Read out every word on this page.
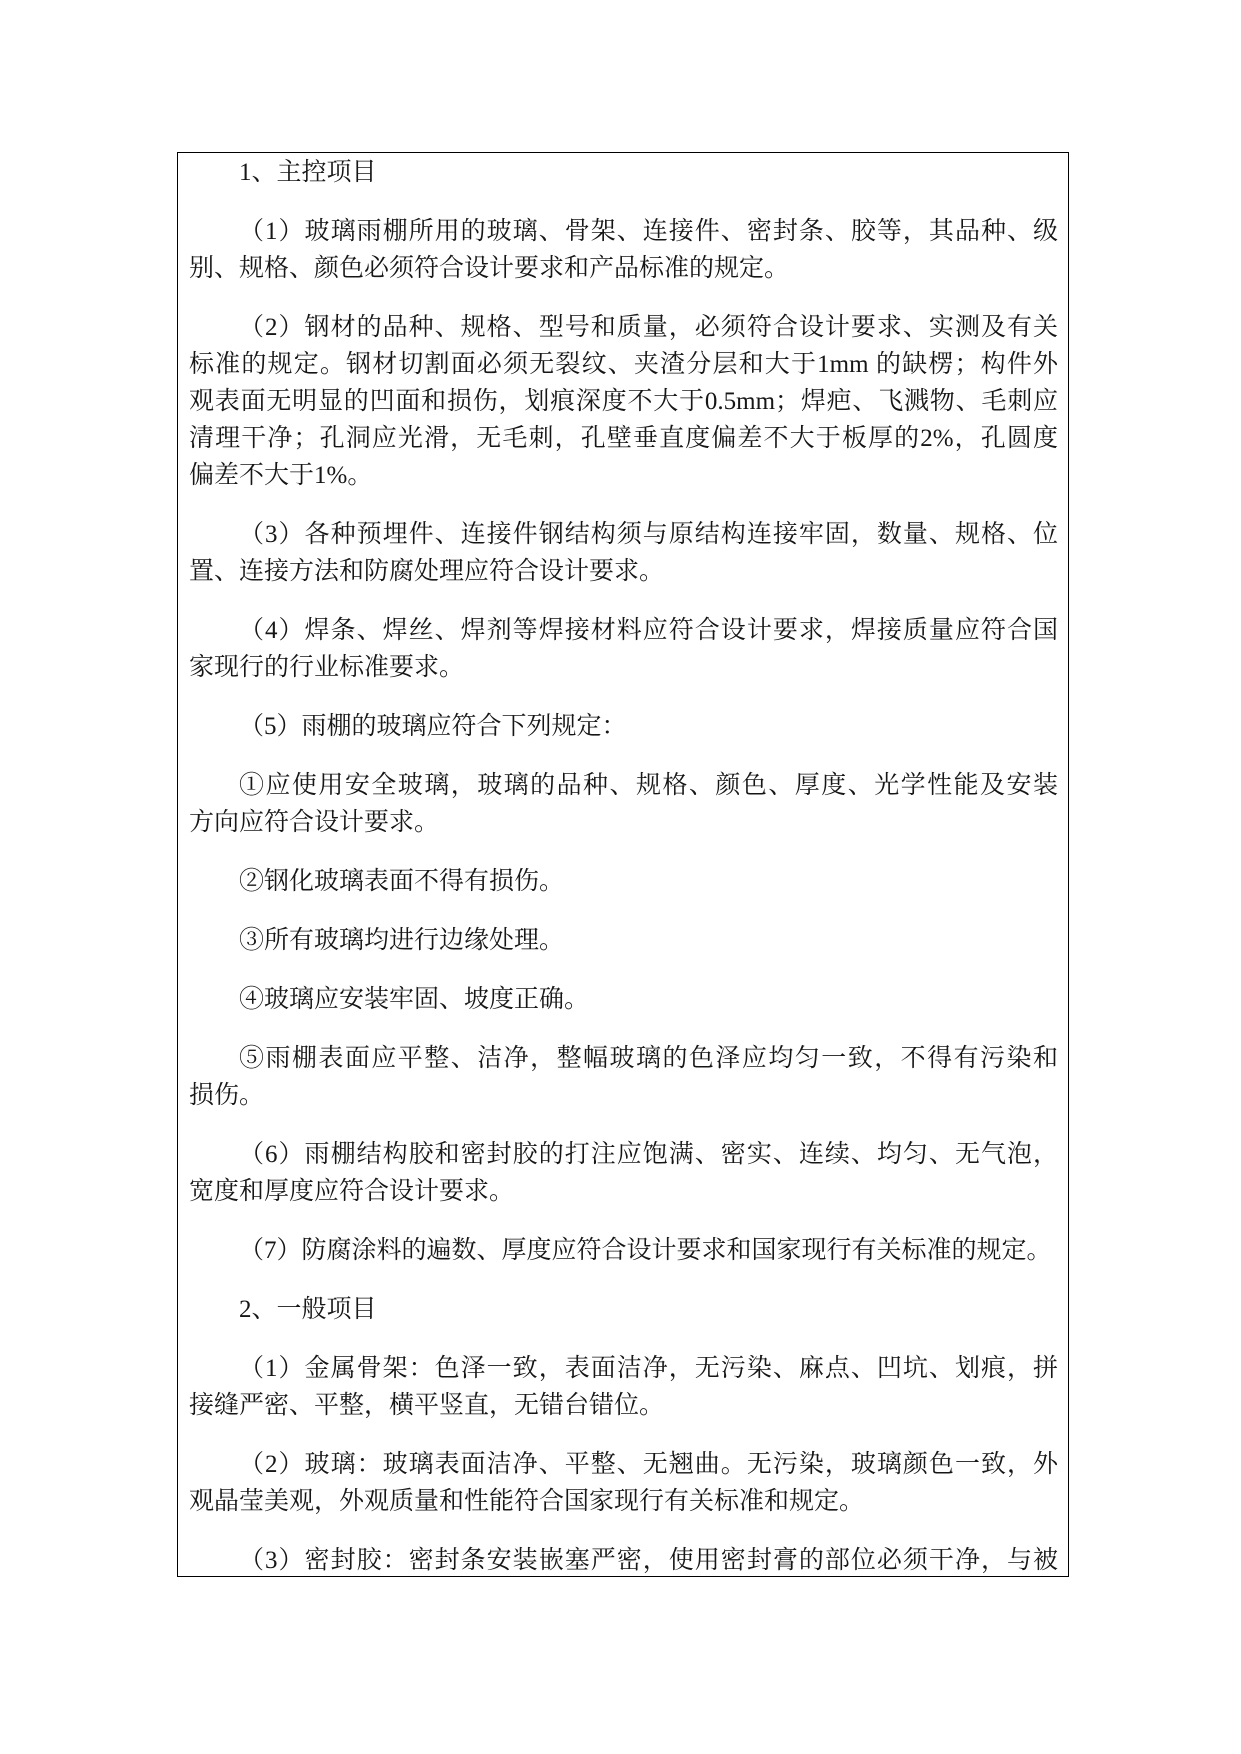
1、主控项目

（1）玻璃雨棚所用的玻璃、骨架、连接件、密封条、胶等，其品种、级
别、规格、颜色必须符合设计要求和产品标准的规定。

（2）钢材的品种、规格、型号和质量，必须符合设计要求、实测及有关
标准的规定。钢材切割面必须无裂纹、夹渣分层和大于1mm 的缺楞；构件外
观表面无明显的凹面和损伤，划痕深度不大于0.5mm；焊疤、飞溅物、毛刺应
清理干净；孔洞应光滑，无毛刺，孔壁垂直度偏差不大于板厚的2%，孔圆度
偏差不大于1%。

（3）各种预埋件、连接件钢结构须与原结构连接牢固，数量、规格、位
置、连接方法和防腐处理应符合设计要求。

（4）焊条、焊丝、焊剂等焊接材料应符合设计要求，焊接质量应符合国
家现行的行业标准要求。

（5）雨棚的玻璃应符合下列规定：

①应使用安全玻璃，玻璃的品种、规格、颜色、厚度、光学性能及安装
方向应符合设计要求。

②钢化玻璃表面不得有损伤。

③所有玻璃均进行边缘处理。

④玻璃应安装牢固、坡度正确。

⑤雨棚表面应平整、洁净，整幅玻璃的色泽应均匀一致，不得有污染和
损伤。

（6）雨棚结构胶和密封胶的打注应饱满、密实、连续、均匀、无气泡，
宽度和厚度应符合设计要求。

（7）防腐涂料的遍数、厚度应符合设计要求和国家现行有关标准的规定。

2、一般项目

（1）金属骨架：色泽一致，表面洁净，无污染、麻点、凹坑、划痕，拼
接缝严密、平整，横平竖直，无错台错位。

（2）玻璃：玻璃表面洁净、平整、无翘曲。无污染，玻璃颜色一致，外
观晶莹美观，外观质量和性能符合国家现行有关标准和规定。

（3）密封胶：密封条安装嵌塞严密，使用密封膏的部位必须干净，与被
